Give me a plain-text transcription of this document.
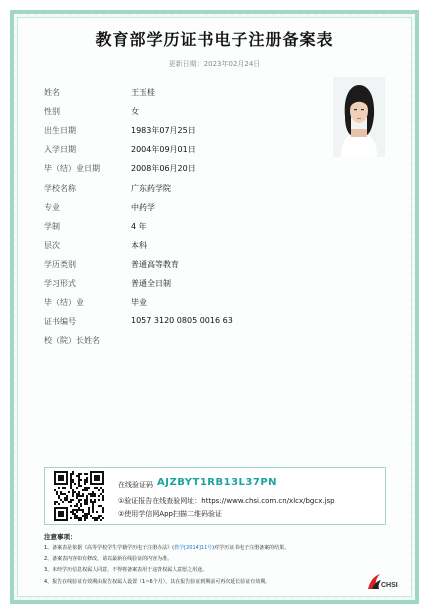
教育部学历证书电子注册备案表
更新日期：2023年02月24日
姓名	王玉桂
性别	女
出生日期	1983年07月25日
入学日期	2004年09月01日
毕（结）业日期	2008年06月20日
学校名称	广东药学院
专业	中药学
学制	4 年
层次	本科
学历类别	普通高等教育
学习形式	普通全日制
毕（结）业	毕业
证书编号	1057 3120 0805 0016 63
校（院）长姓名
在线验证码 AJZBYT1RB13L37PN
①验证报告在线查验网址：https://www.chsi.com.cn/xlcx/bgcx.jsp
②使用学信网App扫描二维码验证
注意事项：
1、备案表是依据《高等学校学生学籍学历电子注册办法》(教学[2014]11号)对学历证书电子注册备案的结果。
2、备案表内容如有修改，请以最新在线验证的内容为准。
3、未经学历信息权属人同意，不得将备案表用于违背权属人意愿之用途。
4、报告在线验证有效期由报告权属人设置（1~6个月），其在报告验证到期前可再次延长验证有效期。
CHSI
